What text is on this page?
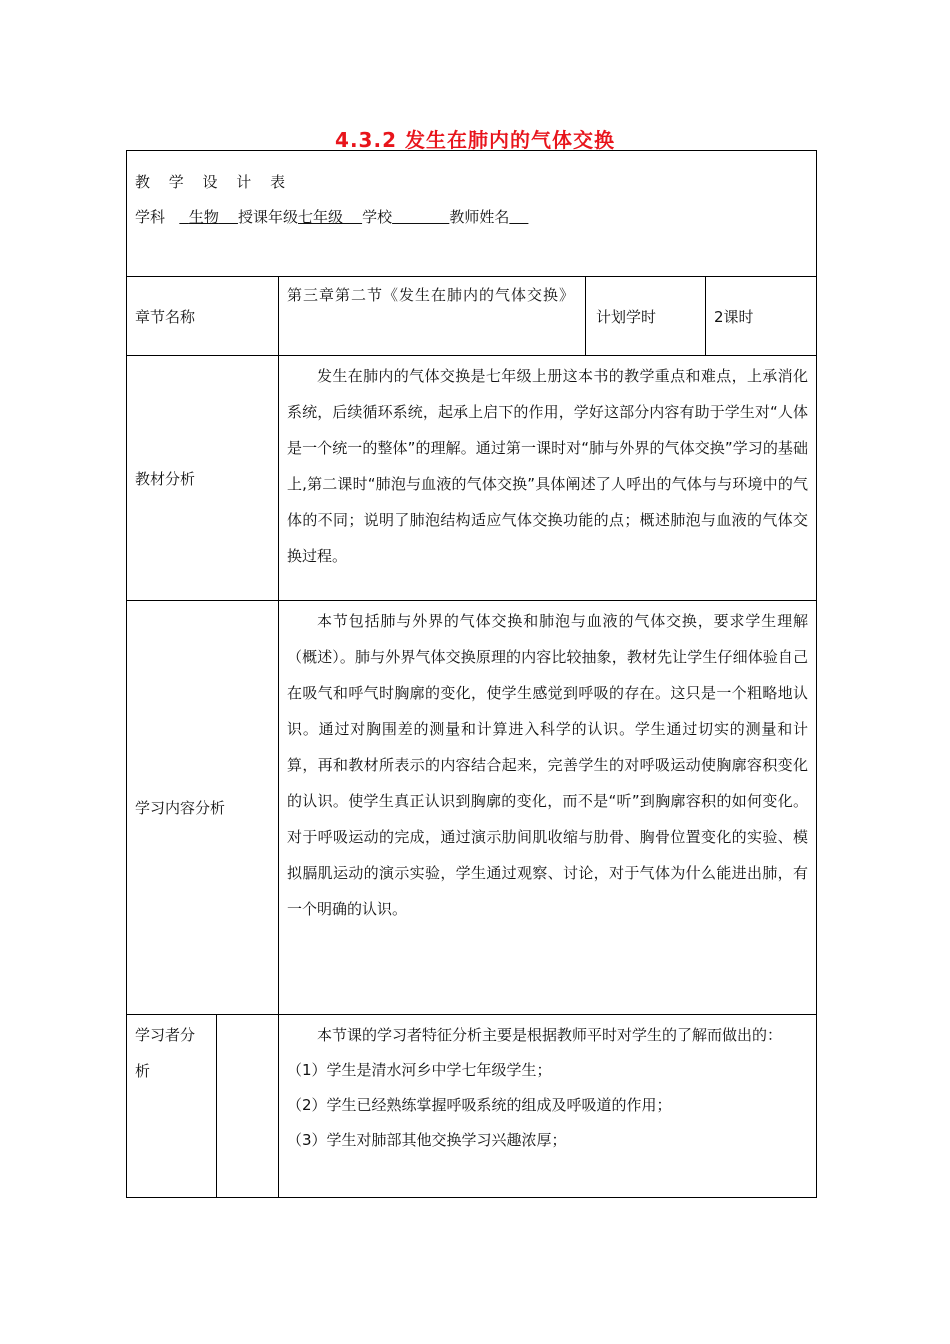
4.3.2 发生在肺内的气体交换

教 学 设 计 表

学科 生物 授课年级七年级 学校 教师姓名				

章节名称		第三章第二节《发生在肺内的气体交换》	计划学时	2课时
教材分析		发生在肺内的气体交换是七年级上册这本书的教学重点和难点，上承消化系统，后续循环系统，起承上启下的作用，学好这部分内容有助于学生对“人体是一个统一的整体”的理解。通过第一课时对“肺与外界的气体交换”学习的基础上,第二课时“肺泡与血液的气体交换”具体阐述了人呼出的气体与与环境中的气体的不同；说明了肺泡结构适应气体交换功能的点；概述肺泡与血液的气体交换过程。		

学习内容分析		本节包括肺与外界的气体交换和肺泡与血液的气体交换，要求学生理解（概述）。肺与外界气体交换原理的内容比较抽象，教材先让学生仔细体验自己在吸气和呼气时胸廓的变化，使学生感觉到呼吸的存在。这只是一个粗略地认识。通过对胸围差的测量和计算进入科学的认识。学生通过切实的测量和计算，再和教材所表示的内容结合起来，完善学生的对呼吸运动使胸廓容积变化的认识。使学生真正认识到胸廓的变化，而不是“听”到胸廓容积的如何变化。对于呼吸运动的完成，通过演示肋间肌收缩与肋骨、胸骨位置变化的实验、模拟膈肌运动的演示实验，学生通过观察、讨论，对于气体为什么能进出肺，有一个明确的认识。		

学习者分析		本节课的学习者特征分析主要是根据教师平时对学生的了解而做出的：

（1）学生是清水河乡中学七年级学生；

（2）学生已经熟练掌握呼吸系统的组成及呼吸道的作用；

（3）学生对肺部其他交换学习兴趣浓厚；		
